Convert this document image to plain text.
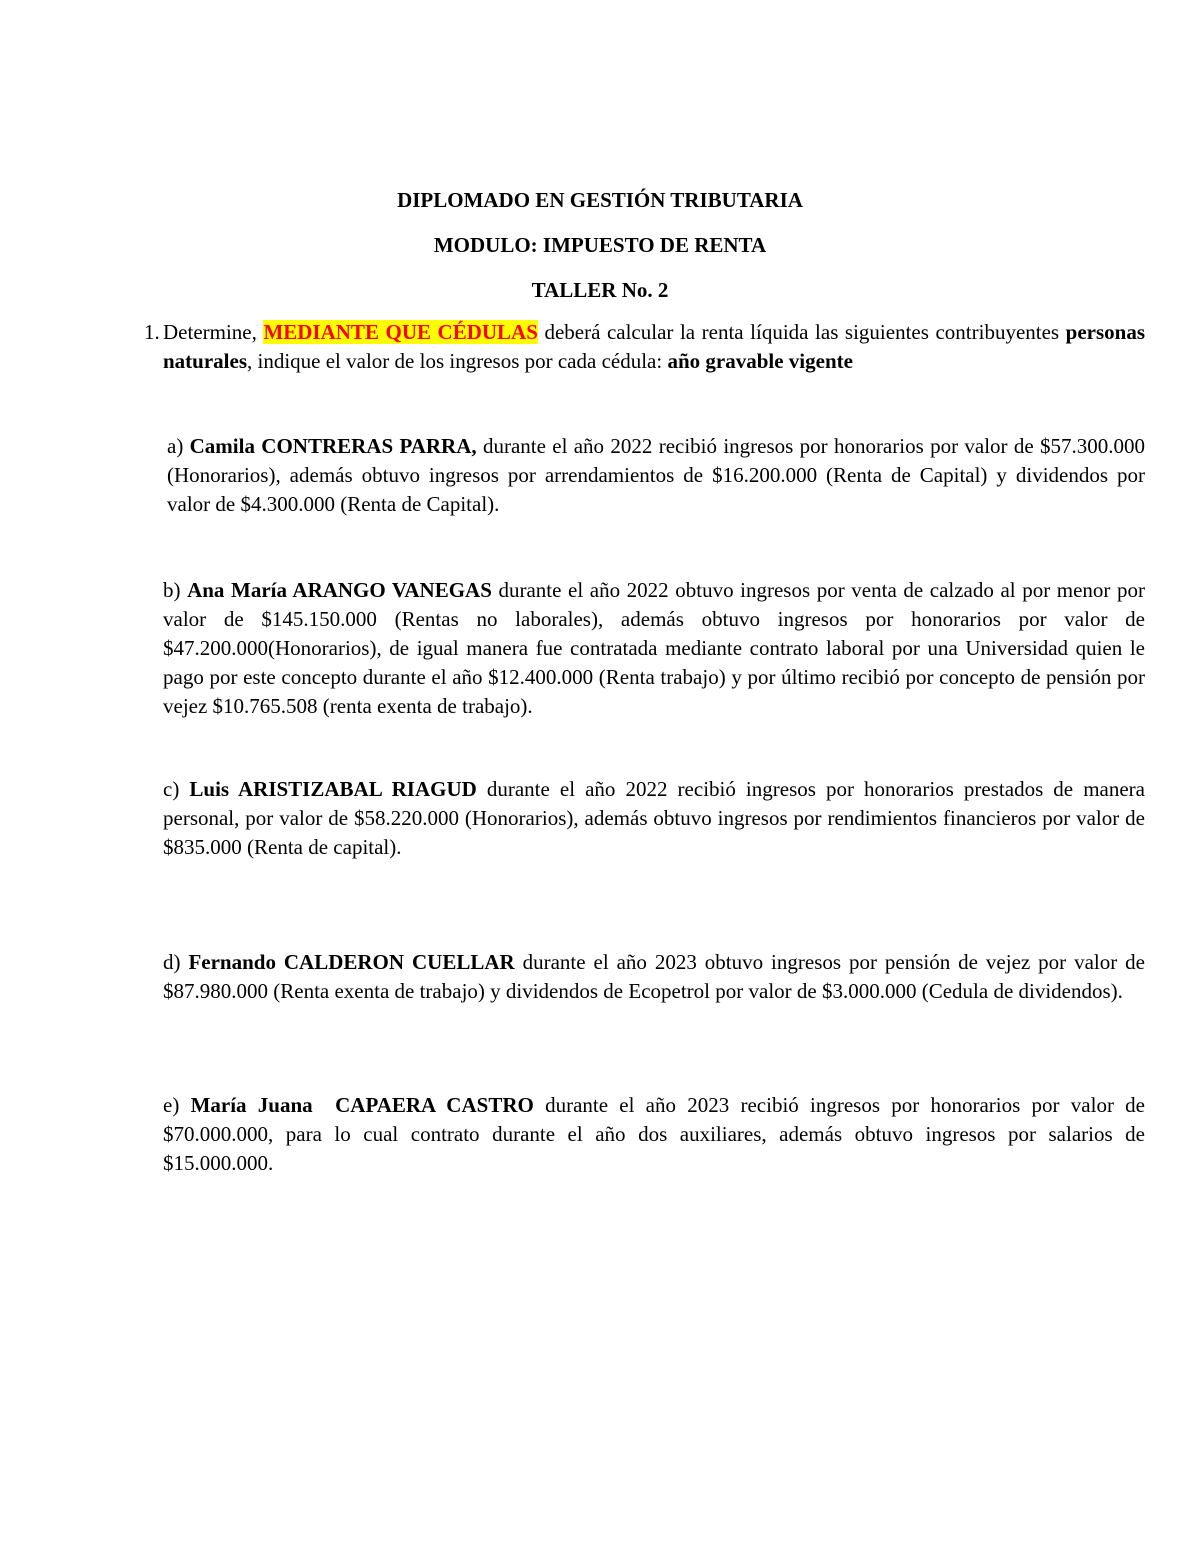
DIPLOMADO EN GESTIÓN TRIBUTARIA
MODULO: IMPUESTO DE RENTA
TALLER No. 2
1. Determine, MEDIANTE QUE CÉDULAS deberá calcular la renta líquida las siguientes contribuyentes personas naturales, indique el valor de los ingresos por cada cédula: año gravable vigente
a) Camila CONTRERAS PARRA, durante el año 2022 recibió ingresos por honorarios por valor de $57.300.000 (Honorarios), además obtuvo ingresos por arrendamientos de $16.200.000 (Renta de Capital) y dividendos por valor de $4.300.000 (Renta de Capital).
b) Ana María ARANGO VANEGAS durante el año 2022 obtuvo ingresos por venta de calzado al por menor por valor de $145.150.000 (Rentas no laborales), además obtuvo ingresos por honorarios por valor de $47.200.000(Honorarios), de igual manera fue contratada mediante contrato laboral por una Universidad quien le pago por este concepto durante el año $12.400.000 (Renta trabajo) y por último recibió por concepto de pensión por vejez $10.765.508 (renta exenta de trabajo).
c) Luis ARISTIZABAL RIAGUD durante el año 2022 recibió ingresos por honorarios prestados de manera personal, por valor de $58.220.000 (Honorarios), además obtuvo ingresos por rendimientos financieros por valor de $835.000 (Renta de capital).
d) Fernando CALDERON CUELLAR durante el año 2023 obtuvo ingresos por pensión de vejez por valor de $87.980.000 (Renta exenta de trabajo) y dividendos de Ecopetrol por valor de $3.000.000 (Cedula de dividendos).
e) María Juana  CAPAERA CASTRO durante el año 2023 recibió ingresos por honorarios por valor de $70.000.000, para lo cual contrato durante el año dos auxiliares, además obtuvo ingresos por salarios de $15.000.000.
